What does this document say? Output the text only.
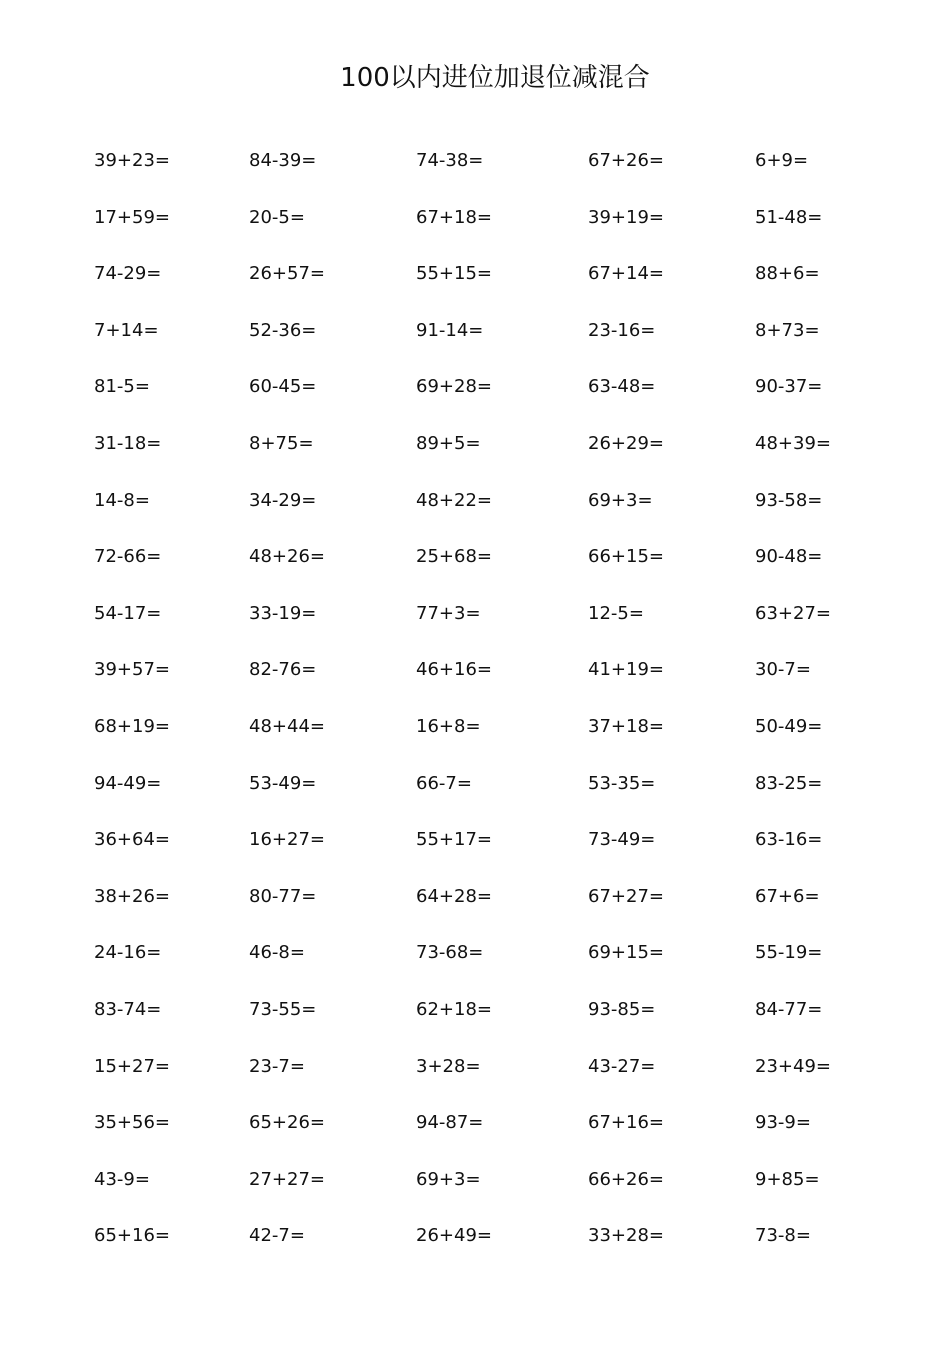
100以内进位加退位减混合
39+23=	84-39=	74-38=	67+26=	6+9=
17+59=	20-5=	67+18=	39+19=	51-48=
74-29=	26+57=	55+15=	67+14=	88+6=
7+14=	52-36=	91-14=	23-16=	8+73=
81-5=	60-45=	69+28=	63-48=	90-37=
31-18=	8+75=	89+5=	26+29=	48+39=
14-8=	34-29=	48+22=	69+3=	93-58=
72-66=	48+26=	25+68=	66+15=	90-48=
54-17=	33-19=	77+3=	12-5=	63+27=
39+57=	82-76=	46+16=	41+19=	30-7=
68+19=	48+44=	16+8=	37+18=	50-49=
94-49=	53-49=	66-7=	53-35=	83-25=
36+64=	16+27=	55+17=	73-49=	63-16=
38+26=	80-77=	64+28=	67+27=	67+6=
24-16=	46-8=	73-68=	69+15=	55-19=
83-74=	73-55=	62+18=	93-85=	84-77=
15+27=	23-7=	3+28=	43-27=	23+49=
35+56=	65+26=	94-87=	67+16=	93-9=
43-9=	27+27=	69+3=	66+26=	9+85=
65+16=	42-7=	26+49=	33+28=	73-8=
